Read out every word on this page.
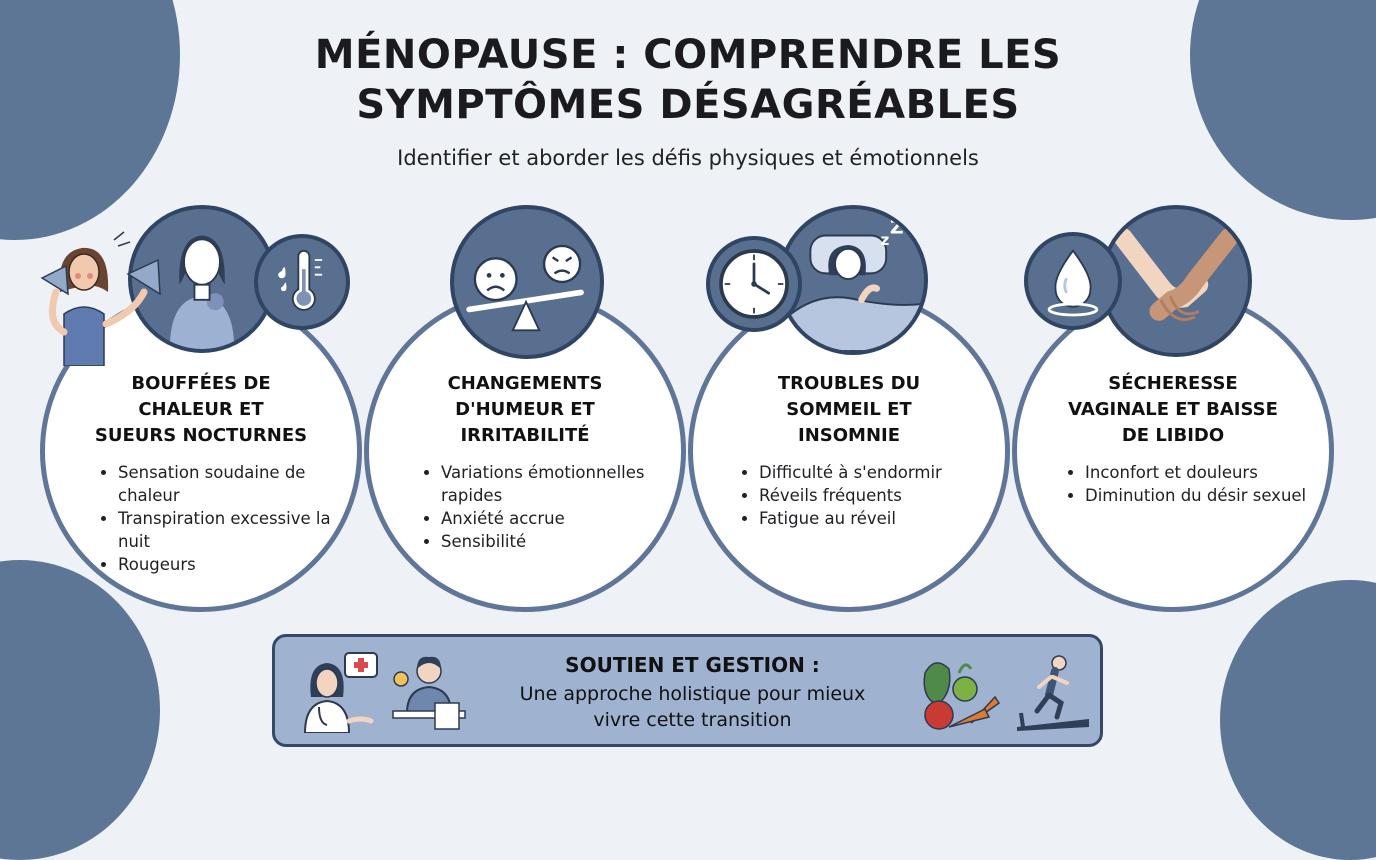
MÉNOPAUSE : COMPRENDRE LES
SYMPTÔMES DÉSAGRÉABLES
Identifier et aborder les défis physiques et émotionnels
BOUFFÉES DE
CHALEUR ET
SUEURS NOCTURNES
• Sensation soudaine de chaleur
• Transpiration excessive la nuit
• Rougeurs
CHANGEMENTS
D'HUMEUR ET
IRRITABILITÉ
• Variations émotionnelles rapides
• Anxiété accrue
• Sensibilité
z
Z
TROUBLES DU
SOMMEIL ET
INSOMNIE
• Difficulté à s'endormir
• Réveils fréquents
• Fatigue au réveil
SÉCHERESSE
VAGINALE ET BAISSE
DE LIBIDO
• Inconfort et douleurs
• Diminution du désir sexuel
SOUTIEN ET GESTION :
Une approche holistique pour mieux
vivre cette transition
